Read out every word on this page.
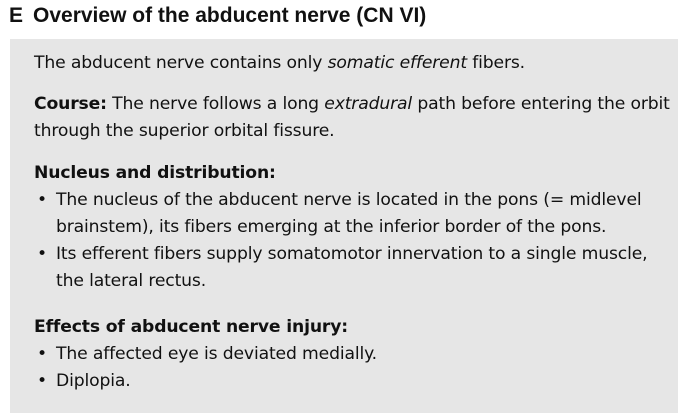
E Overview of the abducent nerve (CN VI)

The abducent nerve contains only somatic efferent fibers.

Course: The nerve follows a long extradural path before entering the orbit through the superior orbital fissure.

Nucleus and distribution:
• The nucleus of the abducent nerve is located in the pons (= midlevel brainstem), its fibers emerging at the inferior border of the pons.
• Its efferent fibers supply somatomotor innervation to a single muscle, the lateral rectus.
Effects of abducent nerve injury:
• The affected eye is deviated medially.
• Diplopia.
